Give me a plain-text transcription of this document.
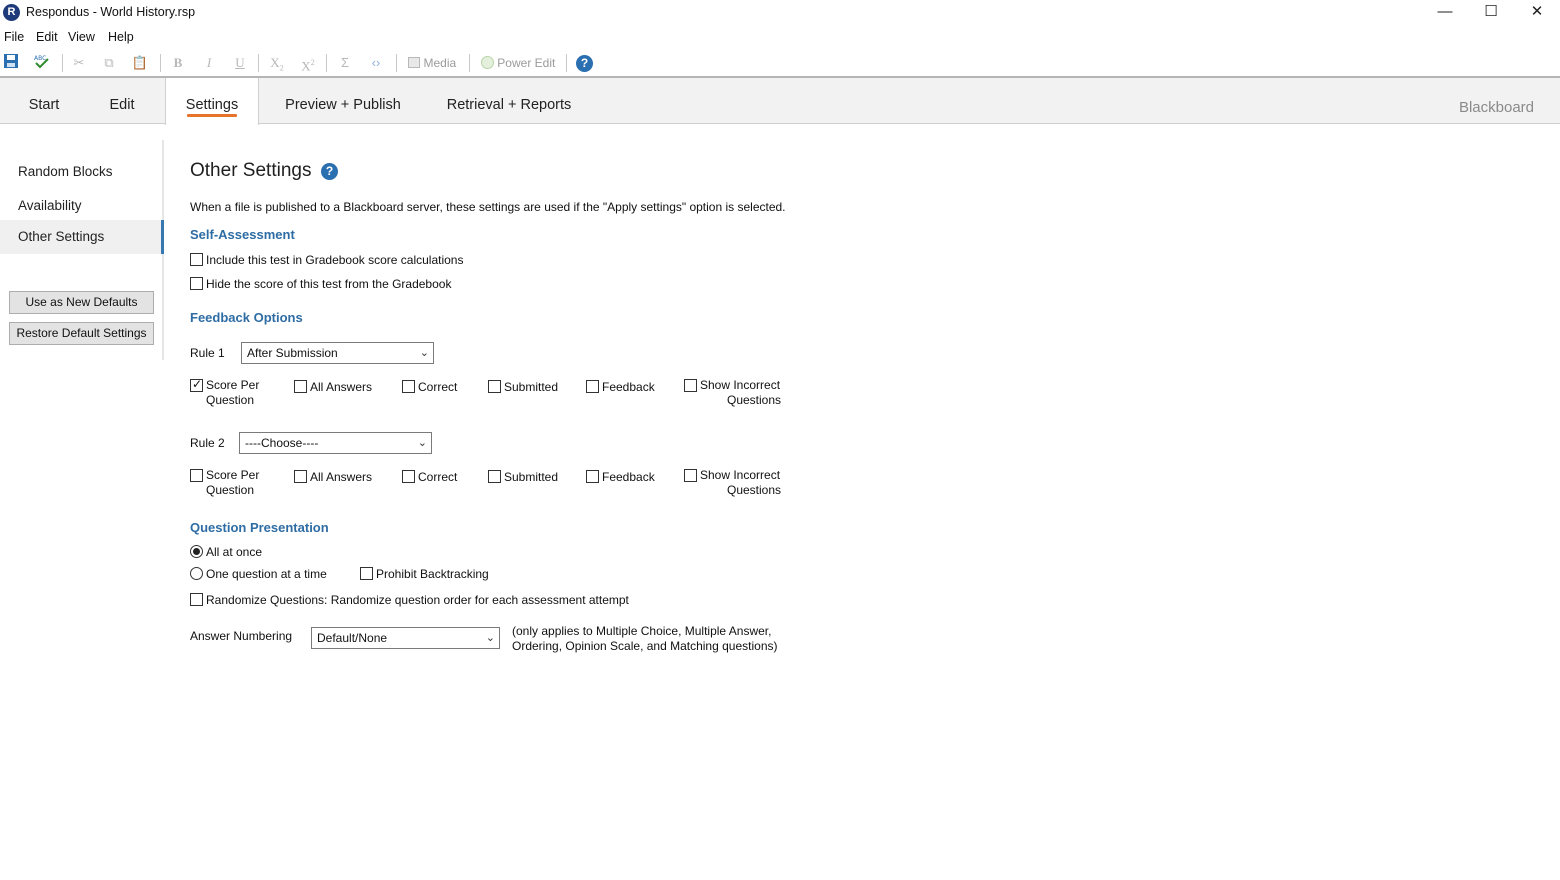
R Respondus - World History.rsp	—	☐	✕
File Edit View Help
ABC ✂	⧉	📋 B	I	U $X_2$ $X^2$	Σ	‹›	Media	Power Edit	?
Start	Edit	Settings	Preview + Publish	Retrieval + Reports	Blackboard
Random Blocks
Availability
Other Settings
Use as New Defaults
Restore Default Settings
Other Settings	?
When a file is published to a Blackboard server, these settings are used if the "Apply settings" option is selected.
Self-Assessment
Include this test in Gradebook score calculations
Hide the score of this test from the Gradebook
Feedback Options
Rule 1	After Submission	⌄
✓
Score Per
Question
All Answers	Correct	Submitted	Feedback	Show Incorrect
Questions
Rule 2	----Choose----	⌄
Score Per
Question
All Answers	Correct	Submitted	Feedback	Show Incorrect
Questions
Question Presentation
All at once
One question at a time	Prohibit Backtracking
Randomize Questions: Randomize question order for each assessment attempt
Answer Numbering	Default/None	⌄ (only applies to Multiple Choice, Multiple Answer,
Ordering, Opinion Scale, and Matching questions)
